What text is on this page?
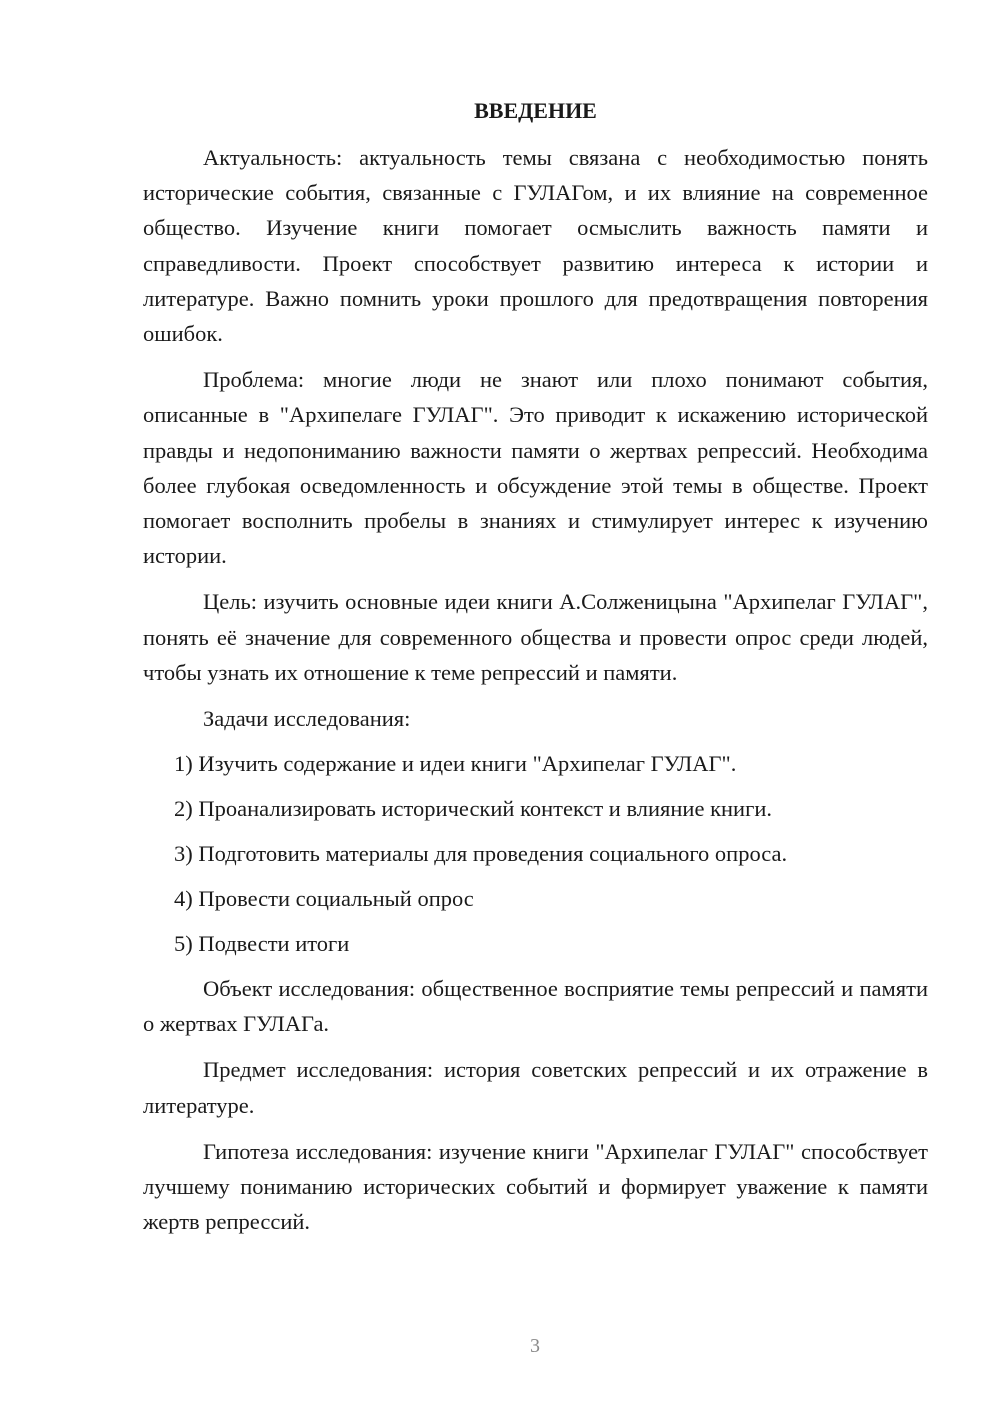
ВВЕДЕНИЕ

Актуальность: актуальность темы связана с необходимостью понять исторические события, связанные с ГУЛАГом, и их влияние на современное общество. Изучение книги помогает осмыслить важность памяти и справедливости. Проект способствует развитию интереса к истории и литературе. Важно помнить уроки прошлого для предотвращения повторения ошибок.

Проблема: многие люди не знают или плохо понимают события, описанные в "Архипелаге ГУЛАГ". Это приводит к искажению исторической правды и недопониманию важности памяти о жертвах репрессий. Необходима более глубокая осведомленность и обсуждение этой темы в обществе. Проект помогает восполнить пробелы в знаниях и стимулирует интерес к изучению истории.

Цель: изучить основные идеи книги А.Солженицына "Архипелаг ГУЛАГ", понять её значение для современного общества и провести опрос среди людей, чтобы узнать их отношение к теме репрессий и памяти.

Задачи исследования:

1) Изучить содержание и идеи книги "Архипелаг ГУЛАГ".
2) Проанализировать исторический контекст и влияние книги.
3) Подготовить материалы для проведения социального опроса.
4) Провести социальный опрос
5) Подвести итоги

Объект исследования: общественное восприятие темы репрессий и памяти о жертвах ГУЛАГа.

Предмет исследования: история советских репрессий и их отражение в литературе.

Гипотеза исследования: изучение книги "Архипелаг ГУЛАГ" способствует лучшему пониманию исторических событий и формирует уважение к памяти жертв репрессий.

3
